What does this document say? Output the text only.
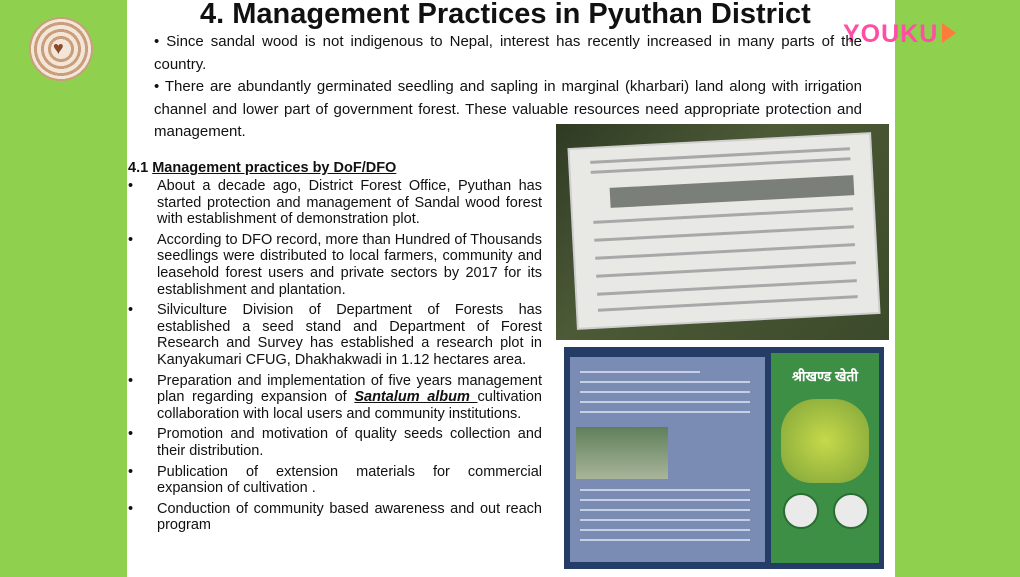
♥
4. Management Practices in Pyuthan District
YOUKU

• Since sandal wood is not indigenous to Nepal, interest has recently increased in many parts of the country.

• There are abundantly germinated seedling and sapling in marginal (kharbari) land along with irrigation channel and lower part of government forest. These valuable resources need appropriate protection and management.

4.1 Management practices by DoF/DFO
• About a decade ago, District Forest Office, Pyuthan has started protection and management of Sandal wood forest with establishment of demonstration plot.
• According to DFO record, more than Hundred of Thousands seedlings were distributed to local farmers, community and leasehold forest users and private sectors by 2017 for its establishment and plantation.
• Silviculture Division of Department of Forests has established a seed stand and Department of Forest Research and Survey has established a research plot in Kanyakumari CFUG, Dhakhakwadi in 1.12 hectares area.
• Preparation and implementation of five years management plan regarding expansion of Santalum album cultivation collaboration with local users and community institutions.
• Promotion and motivation of quality seeds collection and their distribution.
• Publication of extension materials for commercial expansion of cultivation .
• Conduction of community based awareness and out reach program
श्रीखण्ड खेती
